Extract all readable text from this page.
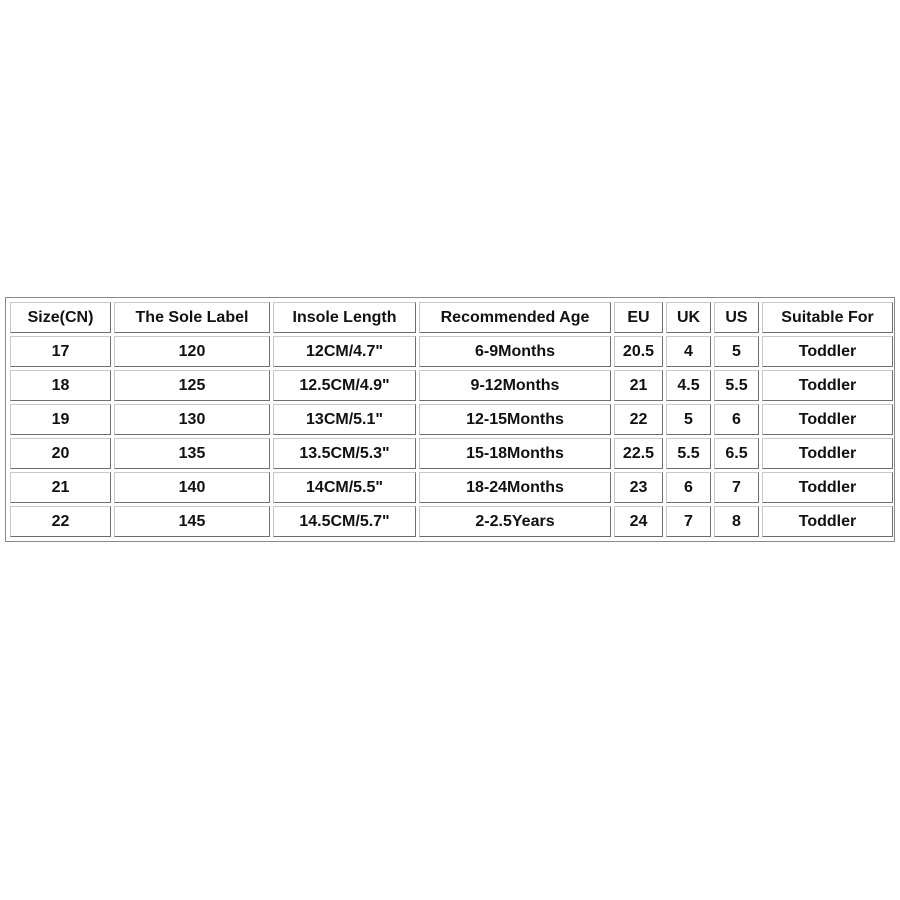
Size(CN)	The Sole Label	Insole Length	Recommended Age	EU	UK	US	Suitable For
17	120	12CM/4.7"	6-9Months	20.5	4	5	Toddler
18	125	12.5CM/4.9"	9-12Months	21	4.5	5.5	Toddler
19	130	13CM/5.1"	12-15Months	22	5	6	Toddler
20	135	13.5CM/5.3"	15-18Months	22.5	5.5	6.5	Toddler
21	140	14CM/5.5"	18-24Months	23	6	7	Toddler
22	145	14.5CM/5.7"	2-2.5Years	24	7	8	Toddler
